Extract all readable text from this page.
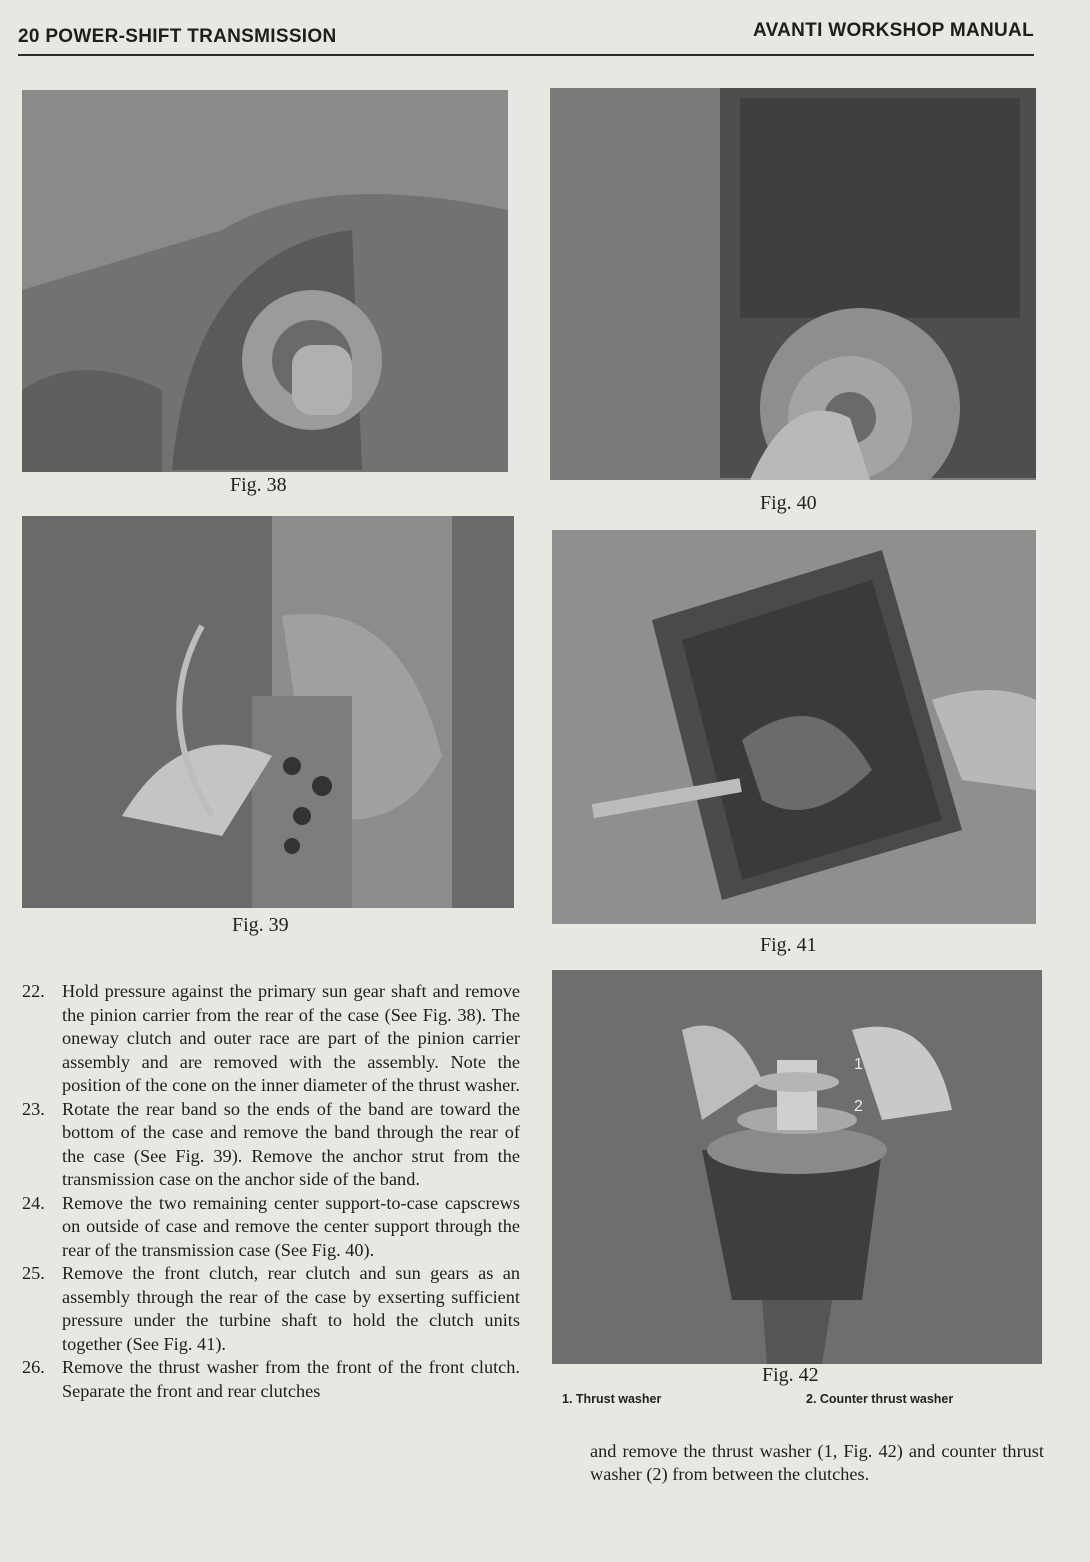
20 POWER-SHIFT TRANSMISSION	AVANTI WORKSHOP MANUAL
Fig. 38
Fig. 40
Fig. 39
Fig. 41
1
2
Fig. 42
1. Thrust washer	2. Counter thrust washer

22. Hold pressure against the primary sun gear shaft and remove the pinion carrier from the rear of the case (See Fig. 38). The oneway clutch and outer race are part of the pinion carrier assembly and are removed with the assembly. Note the position of the cone on the inner diameter of the thrust washer.

23. Rotate the rear band so the ends of the band are toward the bottom of the case and remove the band through the rear of the case (See Fig. 39). Remove the anchor strut from the transmission case on the anchor side of the band.

24. Remove the two remaining center support-to-case capscrews on outside of case and remove the center support through the rear of the transmission case (See Fig. 40).

25. Remove the front clutch, rear clutch and sun gears as an assembly through the rear of the case by exserting sufficient pressure under the turbine shaft to hold the clutch units together (See Fig. 41).

26. Remove the thrust washer from the front of the front clutch. Separate the front and rear clutches

and remove the thrust washer (1, Fig. 42) and counter thrust washer (2) from between the clutches.
